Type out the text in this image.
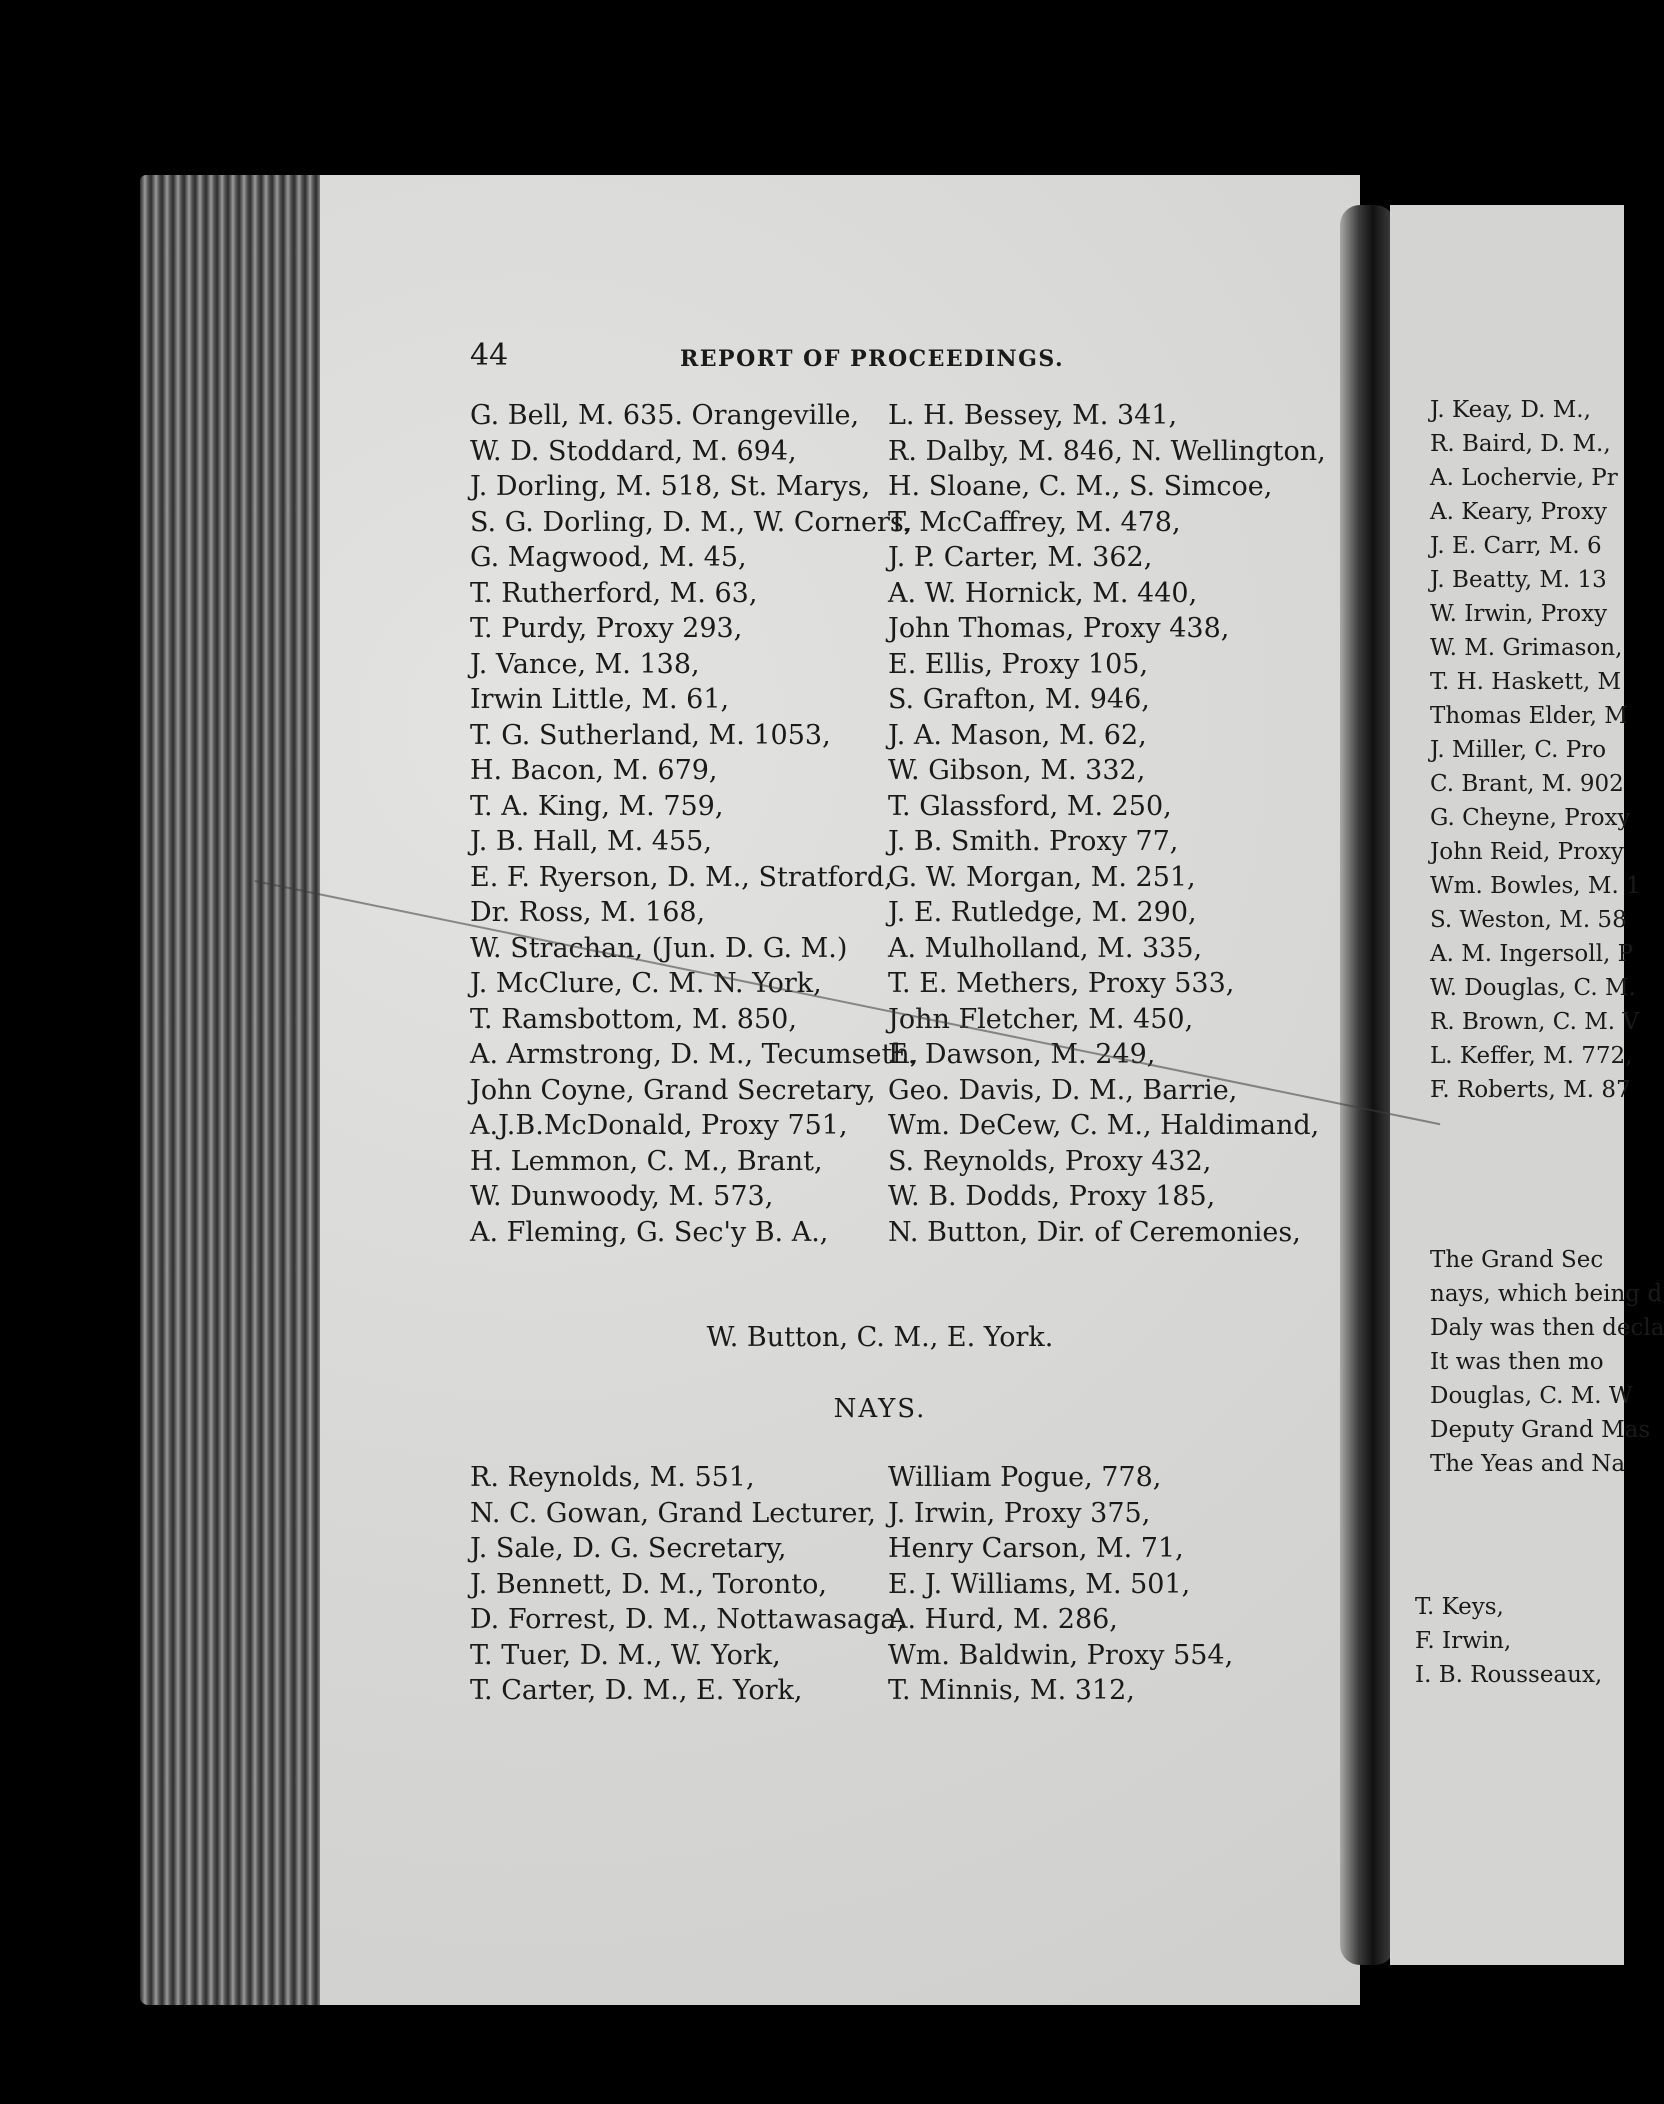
44	REPORT OF PROCEEDINGS.
G. Bell, M. 635. Orangeville,
W. D. Stoddard, M. 694,
J. Dorling, M. 518, St. Marys,
S. G. Dorling, D. M., W. Corners,
G. Magwood, M. 45,
T. Rutherford, M. 63,
T. Purdy, Proxy 293,
J. Vance, M. 138,
Irwin Little, M. 61,
T. G. Sutherland, M. 1053,
H. Bacon, M. 679,
T. A. King, M. 759,
J. B. Hall, M. 455,
E. F. Ryerson, D. M., Stratford,
Dr. Ross, M. 168,
W. Strachan, (Jun. D. G. M.)
J. McClure, C. M. N. York,
T. Ramsbottom, M. 850,
A. Armstrong, D. M., Tecumseth,
John Coyne, Grand Secretary,
A.J.B.McDonald, Proxy 751,
H. Lemmon, C. M., Brant,
W. Dunwoody, M. 573,
A. Fleming, G. Sec'y B. A.,
L. H. Bessey, M. 341,
R. Dalby, M. 846, N. Wellington,
H. Sloane, C. M., S. Simcoe,
T. McCaffrey, M. 478,
J. P. Carter, M. 362,
A. W. Hornick, M. 440,
John Thomas, Proxy 438,
E. Ellis, Proxy 105,
S. Grafton, M. 946,
J. A. Mason, M. 62,
W. Gibson, M. 332,
T. Glassford, M. 250,
J. B. Smith. Proxy 77,
G. W. Morgan, M. 251,
J. E. Rutledge, M. 290,
A. Mulholland, M. 335,
T. E. Methers, Proxy 533,
John Fletcher, M. 450,
E. Dawson, M. 249,
Geo. Davis, D. M., Barrie,
Wm. DeCew, C. M., Haldimand,
S. Reynolds, Proxy 432,
W. B. Dodds, Proxy 185,
N. Button, Dir. of Ceremonies,
W. Button, C. M., E. York.
NAYS.
R. Reynolds, M. 551,
N. C. Gowan, Grand Lecturer,
J. Sale, D. G. Secretary,
J. Bennett, D. M., Toronto,
D. Forrest, D. M., Nottawasaga,
T. Tuer, D. M., W. York,
T. Carter, D. M., E. York,
William Pogue, 778,
J. Irwin, Proxy 375,
Henry Carson, M. 71,
E. J. Williams, M. 501,
A. Hurd, M. 286,
Wm. Baldwin, Proxy 554,
T. Minnis, M. 312,
J. Keay, D. M.,
R. Baird, D. M.,
A. Lochervie, Pr
A. Keary, Proxy
J. E. Carr, M. 6
J. Beatty, M. 13
W. Irwin, Proxy
W. M. Grimason,
T. H. Haskett, M
Thomas Elder, M
J. Miller, C. Pro
C. Brant, M. 902
G. Cheyne, Proxy
John Reid, Proxy
Wm. Bowles, M. 1
S. Weston, M. 58
A. M. Ingersoll, P
W. Douglas, C. M.
R. Brown, C. M. V
L. Keffer, M. 772,
F. Roberts, M. 87
The Grand Sec
nays, which being d
Daly was then decla
It was then mo
Douglas, C. M. W
Deputy Grand Mas
The Yeas and Na
T. Keys,
F. Irwin,
I. B. Rousseaux,
